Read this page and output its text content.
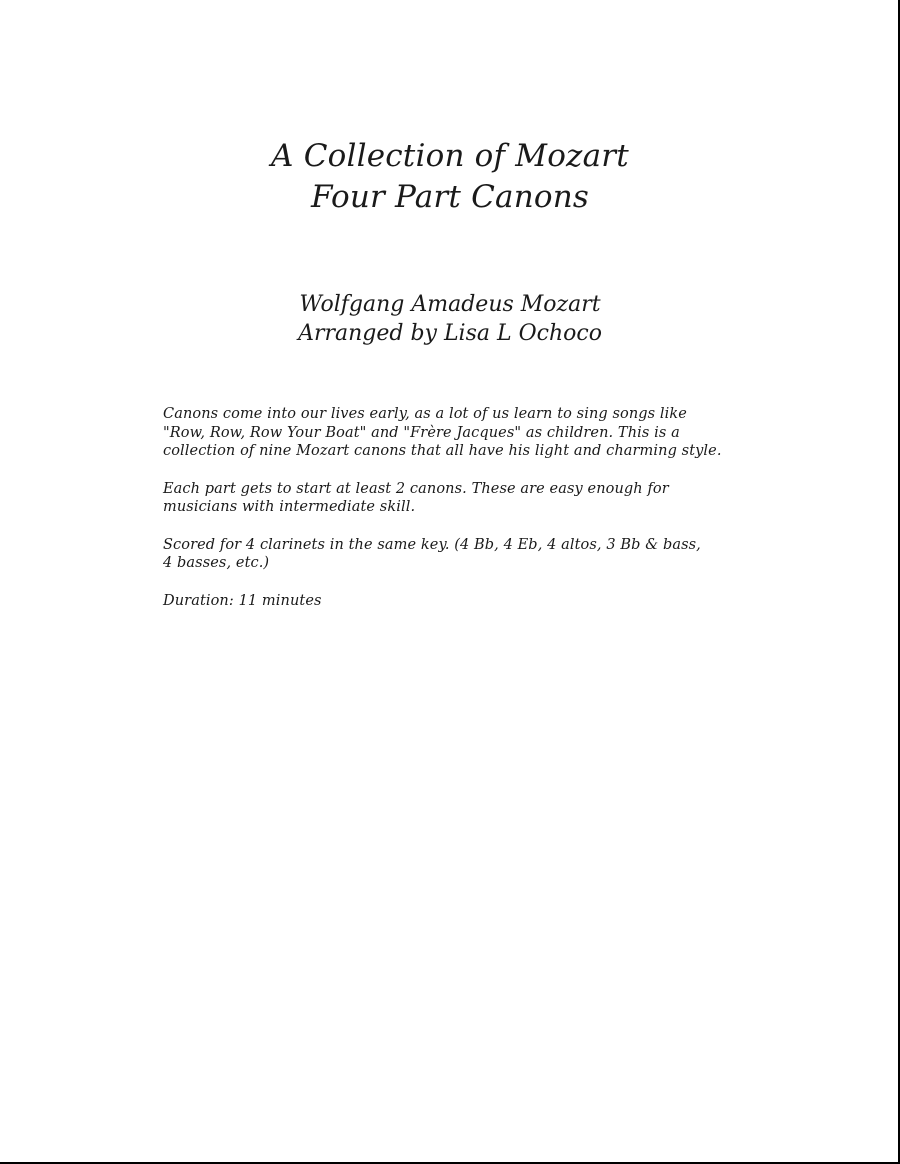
A Collection of Mozart
Four Part Canons
Wolfgang Amadeus Mozart
Arranged by Lisa L Ochoco

Canons come into our lives early, as a lot of us learn to sing songs like
"Row, Row, Row Your Boat" and "Frère Jacques" as children. This is a
collection of nine Mozart canons that all have his light and charming style.

Each part gets to start at least 2 canons. These are easy enough for
musicians with intermediate skill.

Scored for 4 clarinets in the same key. (4 Bb, 4 Eb, 4 altos, 3 Bb & bass,
4 basses, etc.)

Duration: 11 minutes
